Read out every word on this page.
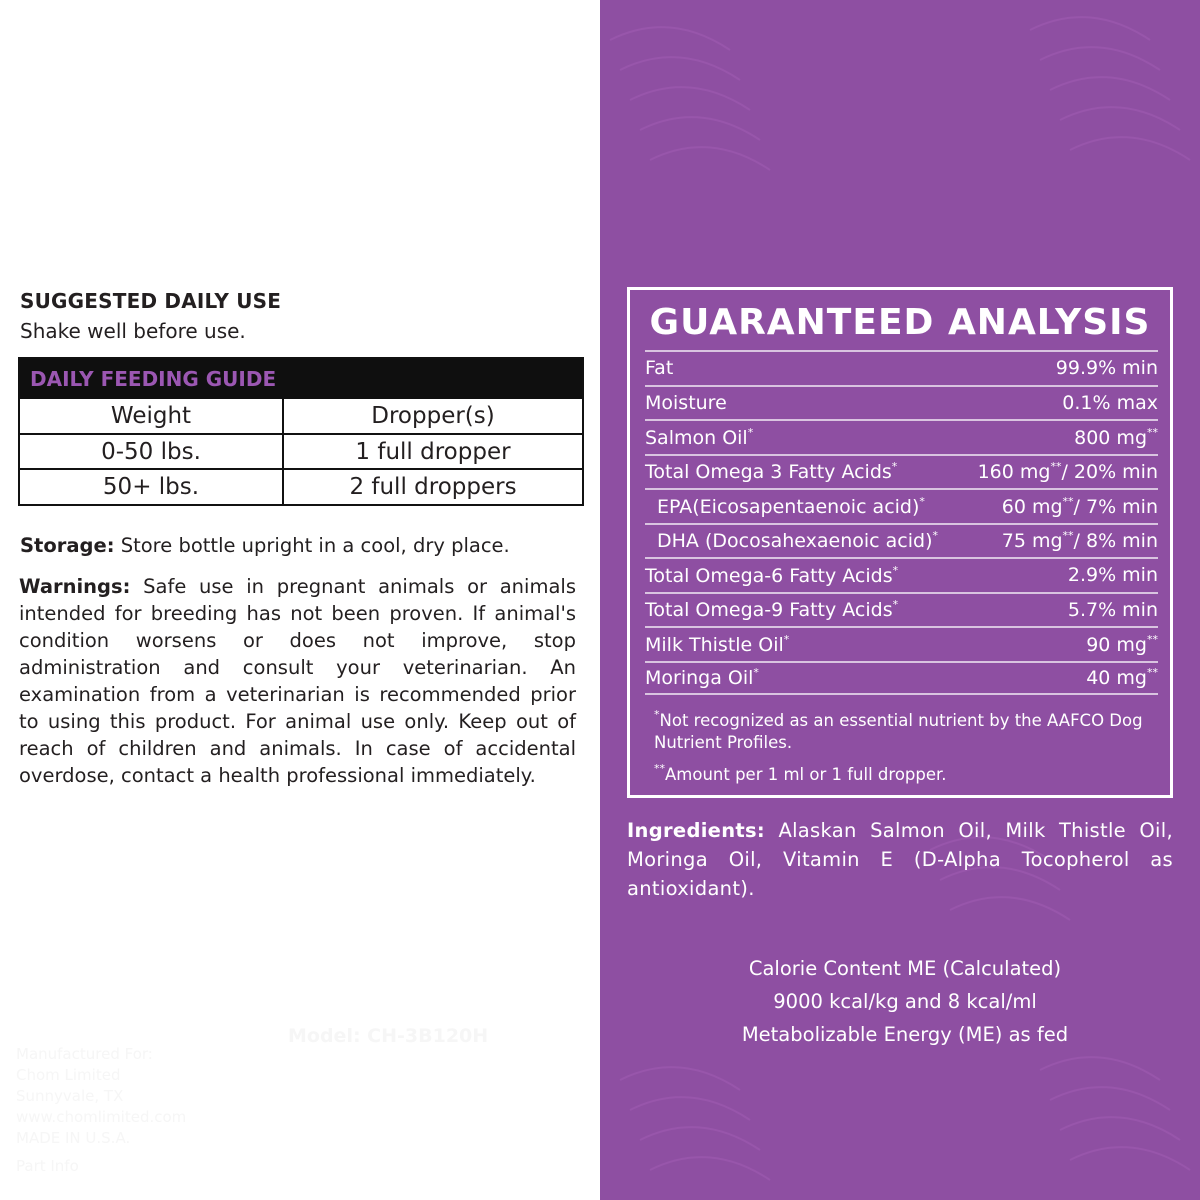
SUGGESTED DAILY USE
Shake well before use.
DAILY FEEDING GUIDE
Weight	Dropper(s)
0-50 lbs.	1 full dropper
50+ lbs.	2 full droppers

Storage: Store bottle upright in a cool, dry place.

Warnings: Safe use in pregnant animals or animals intended for breeding has not been proven. If animal's condition worsens or does not improve, stop administration and consult your veterinarian. An examination from a veterinarian is recommended prior to using this product. For animal use only. Keep out of reach of children and animals. In case of accidental overdose, contact a health professional immediately.

Model: CH-3B120H
Manufactured For:
Chom Limited
Sunnyvale, TX
www.chomlimited.com
MADE IN U.S.A.
Part Info
GUARANTEED ANALYSIS
Fat	99.9% min
Moisture	0.1% max
Salmon Oil*	800 mg**
Total Omega 3 Fatty Acids*	160 mg**/ 20% min
EPA(Eicosapentaenoic acid)*	60 mg**/ 7% min
DHA (Docosahexaenoic acid)*	75 mg**/ 8% min
Total Omega-6 Fatty Acids*	2.9% min
Total Omega-9 Fatty Acids*	5.7% min
Milk Thistle Oil*	90 mg**
Moringa Oil*	40 mg**
*Not recognized as an essential nutrient by the AAFCO Dog Nutrient Profiles.
**Amount per 1 ml or 1 full dropper.

Ingredients: Alaskan Salmon Oil, Milk Thistle Oil, Moringa Oil, Vitamin E (D-Alpha Tocopherol as antioxidant).

Calorie Content ME (Calculated)
9000 kcal/kg and 8 kcal/ml
Metabolizable Energy (ME) as fed
